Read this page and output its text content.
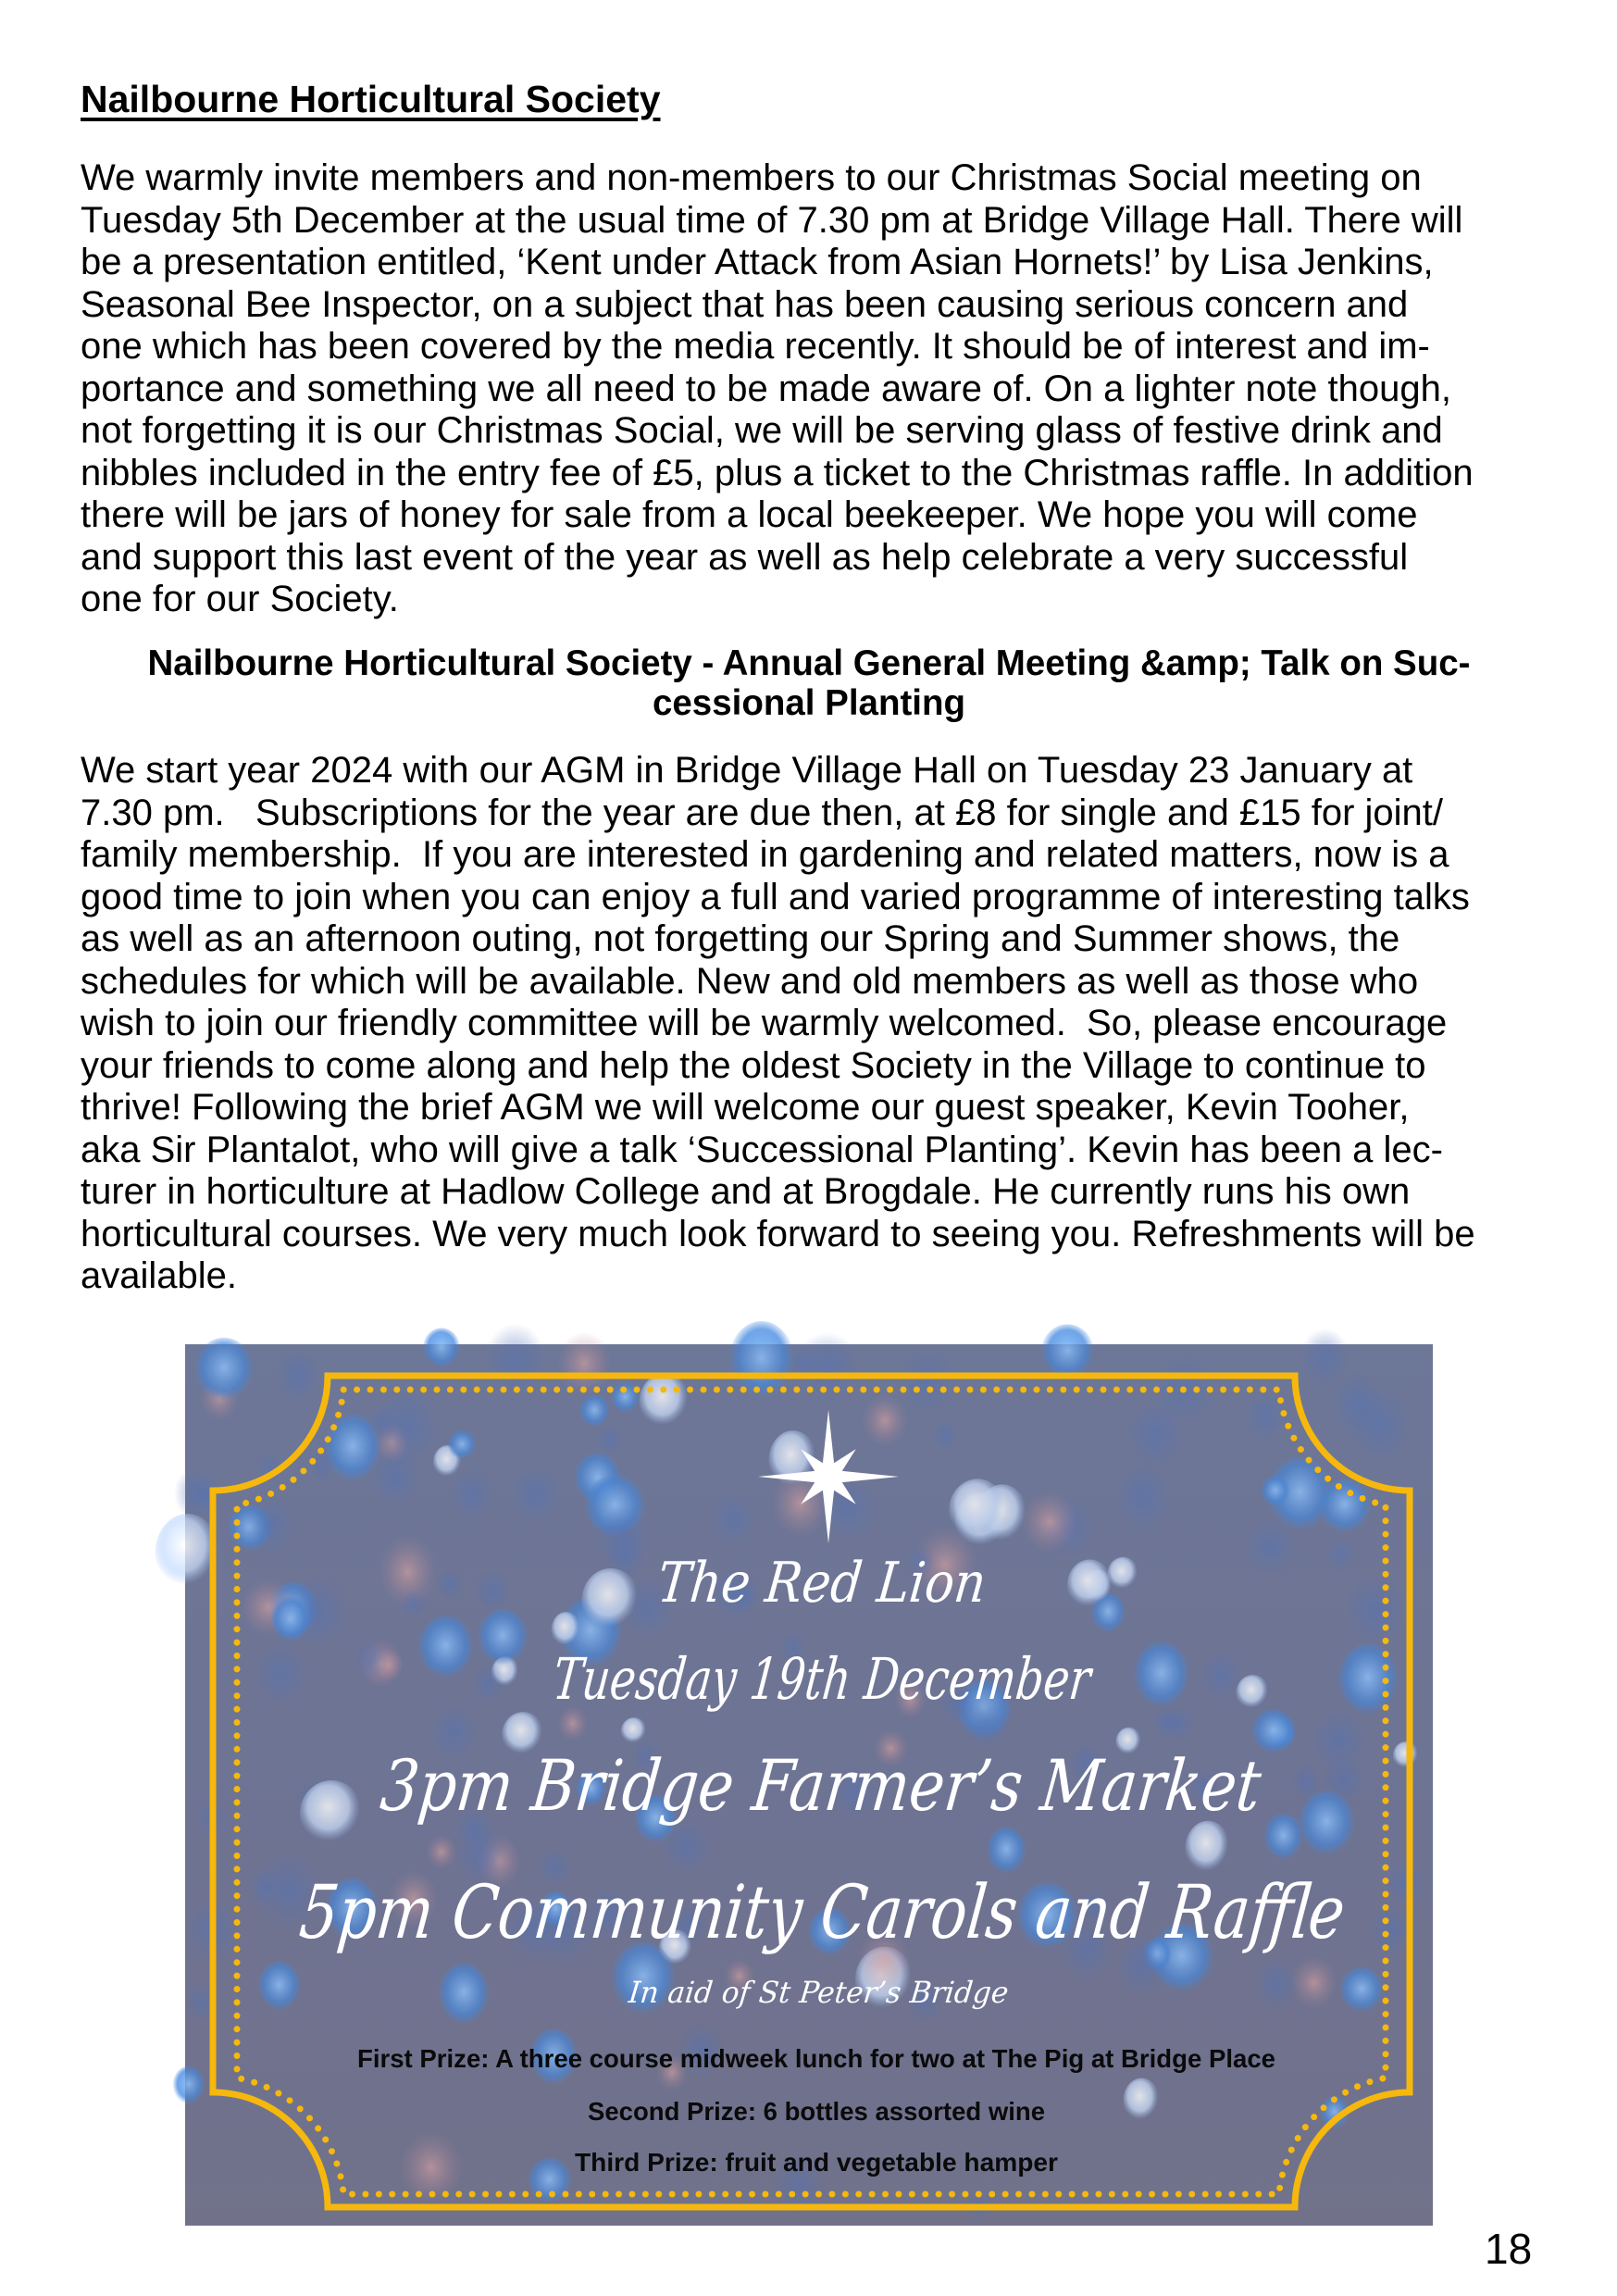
Nailbourne Horticultural Society
We warmly invite members and non-members to our Christmas Social meeting on
Tuesday 5th December at the usual time of 7.30 pm at Bridge Village Hall. There will
be a presentation entitled, ‘Kent under Attack from Asian Hornets!’ by Lisa Jenkins,
Seasonal Bee Inspector, on a subject that has been causing serious concern and
one which has been covered by the media recently. It should be of interest and im-
portance and something we all need to be made aware of. On a lighter note though,
not forgetting it is our Christmas Social, we will be serving glass of festive drink and
nibbles included in the entry fee of £5, plus a ticket to the Christmas raffle. In addition
there will be jars of honey for sale from a local beekeeper. We hope you will come
and support this last event of the year as well as help celebrate a very successful
one for our Society.
Nailbourne Horticultural Society - Annual General Meeting &amp; Talk on Suc-
cessional Planting
We start year 2024 with our AGM in Bridge Village Hall on Tuesday 23 January at
7.30 pm.   Subscriptions for the year are due then, at £8 for single and £15 for joint/
family membership.  If you are interested in gardening and related matters, now is a
good time to join when you can enjoy a full and varied programme of interesting talks
as well as an afternoon outing, not forgetting our Spring and Summer shows, the
schedules for which will be available. New and old members as well as those who
wish to join our friendly committee will be warmly welcomed.  So, please encourage
your friends to come along and help the oldest Society in the Village to continue to
thrive! Following the brief AGM we will welcome our guest speaker, Kevin Tooher,
aka Sir Plantalot, who will give a talk ‘Successional Planting’. Kevin has been a lec-
turer in horticulture at Hadlow College and at Brogdale. He currently runs his own
horticultural courses. We very much look forward to seeing you. Refreshments will be
available.
The Red Lion
Tuesday 19th December
3pm Bridge Farmer’s Market
5pm Community Carols and Raffle
In aid of St Peter’s Bridge
First Prize: A three course midweek lunch for two at The Pig at Bridge Place
Second Prize: 6 bottles assorted wine
Third Prize: fruit and vegetable hamper
18
